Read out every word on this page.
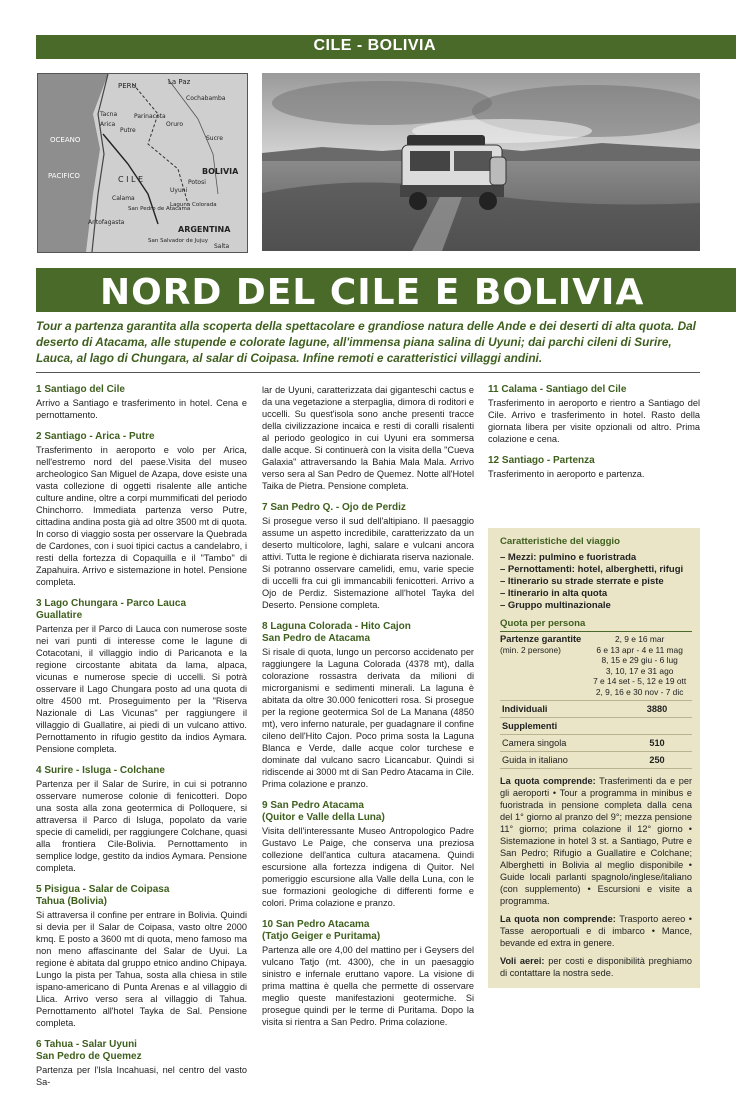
CILE - BOLIVIA
PERU	La Paz
OCEANO
PACIFICO
Cochabamba
Tacna
Arica
Putre
Parinacota
Oruro
Sucre
BOLIVIA
C I L E	Potosi
Uyuni
Calama
San Pedro de Atacama
Laguna Colorada
Antofagasta
ARGENTINA
San Salvador de Jujuy
Salta
NORD DEL CILE E BOLIVIA
Tour a partenza garantita alla scoperta della spettacolare e grandiose natura delle Ande e dei deserti di alta quota. Dal deserto di Atacama, alle stupende e colorate lagune, all'immensa piana salina di Uyuni; dai parchi cileni di Surire, Lauca, al lago di Chungara, al salar di Coipasa. Infine remoti e caratteristici villaggi andini.
1 Santiago del Cile

Arrivo a Santiago e trasferimento in hotel. Cena e pernottamento.

2 Santiago - Arica - Putre

Trasferimento in aeroporto e volo per Arica, nell'estremo nord del paese.Visita del museo archeologico San Miguel de Azapa, dove esiste una vasta collezione di oggetti risalente alle antiche culture andine, oltre a corpi mummificati del periodo Chinchorro. Immediata partenza verso Putre, cittadina andina posta già ad oltre 3500 mt di quota. In corso di viaggio sosta per osservare la Quebrada de Cardones, con i suoi tipici cactus a candelabro, i resti della fortezza di Copaquilla e il "Tambo" di Zapahuira. Arrivo e sistemazione in hotel. Pensione completa.

3 Lago Chungara - Parco Lauca
Guallatire

Partenza per il Parco di Lauca con numerose soste nei vari punti di interesse come le lagune di Cotacotani, il villaggio indio di Paricanota e la regione circostante abitata da lama, alpaca, vicunas e numerose specie di uccelli. Si potrà osservare il Lago Chungara posto ad una quota di oltre 4500 mt. Proseguimento per la "Riserva Nazionale di Las Vicunas" per raggiungere il villaggio di Guallatire, ai piedi di un vulcano attivo. Pernottamento in rifugio gestito da indios Aymara. Pensione completa.

4 Surire - Isluga - Colchane

Partenza per il Salar de Surire, in cui si potranno osservare numerose colonie di fenicotteri. Dopo una sosta alla zona geotermica di Polloquere, si attraversa il Parco di Isluga, popolato da varie specie di camelidi, per raggiungere Colchane, quasi alla frontiera Cile-Bolivia. Pernottamento in semplice lodge, gestito da indios Aymara. Pensione completa.

5 Pisigua - Salar de Coipasa
Tahua (Bolivia)

Si attraversa il confine per entrare in Bolivia. Quindi si devia per il Salar de Coipasa, vasto oltre 2000 kmq. E posto a 3600 mt di quota, meno famoso ma non meno affascinante del Salar de Uyui. La regione è abitata dal gruppo etnico andino Chipaya. Lungo la pista per Tahua, sosta alla chiesa in stile ispano-americano di Punta Arenas e al villaggio di Llica. Arrivo verso sera al villaggio di Tahua. Pernottamento all'hotel Tayka de Sal. Pensione completa.

6 Tahua - Salar Uyuni
San Pedro de Quemez

Partenza per l'Isla Incahuasi, nel centro del vasto Sa-

lar de Uyuni, caratterizzata dai giganteschi cactus e da una vegetazione a sterpaglia, dimora di roditori e uccelli. Su quest'isola sono anche presenti tracce della civilizzazione incaica e resti di coralli risalenti al periodo geologico in cui Uyuni era sommersa dalle acque. Si continuerà con la visita della "Cueva Galaxia" attraversando la Bahia Mala Mala. Arrivo verso sera al San Pedro de Quemez. Notte all'Hotel Taika de Pietra. Pensione completa.

7 San Pedro Q. - Ojo de Perdiz

Si prosegue verso il sud dell'altipiano. Il paesaggio assume un aspetto incredibile, caratterizzato da un deserto multicolore, laghi, salare e vulcani ancora attivi. Tutta le regione è dichiarata riserva nazionale. Si potranno osservare camelidi, emu, varie specie di uccelli fra cui gli immancabili fenicotteri. Arrivo a Ojo de Perdiz. Sistemazione all'hotel Tayka del Deserto. Pensione completa.

8 Laguna Colorada - Hito Cajon
San Pedro de Atacama

Si risale di quota, lungo un percorso accidenato per raggiungere la Laguna Colorada (4378 mt), dalla colorazione rossastra derivata da milioni di microrganismi e sedimenti minerali. La laguna è abitata da oltre 30.000 fenicotteri rosa. Si prosegue per la regione geotermica Sol de La Manana (4850 mt), vero inferno naturale, per guadagnare il confine cileno dell'Hito Cajon. Poco prima sosta la Laguna Blanca e Verde, dalle acque color turchese e dominate dal vulcano sacro Licancabur. Quindi si ridiscende ai 3000 mt di San Pedro Atacama in Cile. Prima colazione e pranzo.

9 San Pedro Atacama
(Quitor e Valle della Luna)

Visita dell'interessante Museo Antropologico Padre Gustavo Le Paige, che conserva una preziosa collezione dell'antica cultura atacamena. Quindi escursione alla fortezza indigena di Quitor. Nel pomeriggio escursione alla Valle della Luna, con le sue formazioni geologiche di differenti forme e colori. Prima colazione e pranzo.

10 San Pedro Atacama
(Tatjo Geiger e Puritama)

Partenza alle ore 4,00 del mattino per i Geysers del vulcano Tatjo (mt. 4300), che in un paesaggio sinistro e infernale eruttano vapore. La visione di prima mattina è quella che permette di osservare meglio queste manifestazioni geotermiche. Si prosegue quindi per le terme di Puritama. Dopo la visita si rientra a San Pedro. Prima colazione.

11 Calama - Santiago del Cile

Trasferimento in aeroporto e rientro a Santiago del Cile. Arrivo e trasferimento in hotel. Rasto della giornata libera per visite opzionali od altro. Prima colazione e cena.

12 Santiago - Partenza

Trasferimento in aeroporto e partenza.

Caratteristiche del viaggio
– Mezzi: pulmino e fuoristrada
– Pernottamenti: hotel, alberghetti, rifugi
– Itinerario su strade sterrate e piste
– Itinerario in alta quota
– Gruppo multinazionale
Quota per persona
Partenze garantite
(min. 2 persone)
2, 9 e 16 mar
6 e 13 apr - 4 e 11 mag
8, 15 e 29 giu - 6 lug
3, 10, 17 e 31 ago
7 e 14 set - 5, 12 e 19 ott
2, 9, 16 e 30 nov - 7 dic
Individuali	3880
Supplementi
Camera singola	510
Guida in italiano	250

La quota comprende: Trasferimenti da e per gli aeroporti • Tour a programma in minibus e fuoristrada in pensione completa dalla cena del 1° giorno al pranzo del 9°; mezza pensione 11° giorno; prima colazione il 12° giorno • Sistemazione in hotel 3 st. a Santiago, Putre e San Pedro; Rifugio a Guallatire e Colchane; Alberghetti in Bolivia al meglio disponibile • Guide locali parlanti spagnolo/inglese/italiano (con supplemento) • Escursioni e visite a programma.

La quota non comprende: Trasporto aereo • Tasse aeroportuali e di imbarco • Mance, bevande ed extra in genere.

Voli aerei: per costi e disponibilità preghiamo di contattare la nostra sede.
